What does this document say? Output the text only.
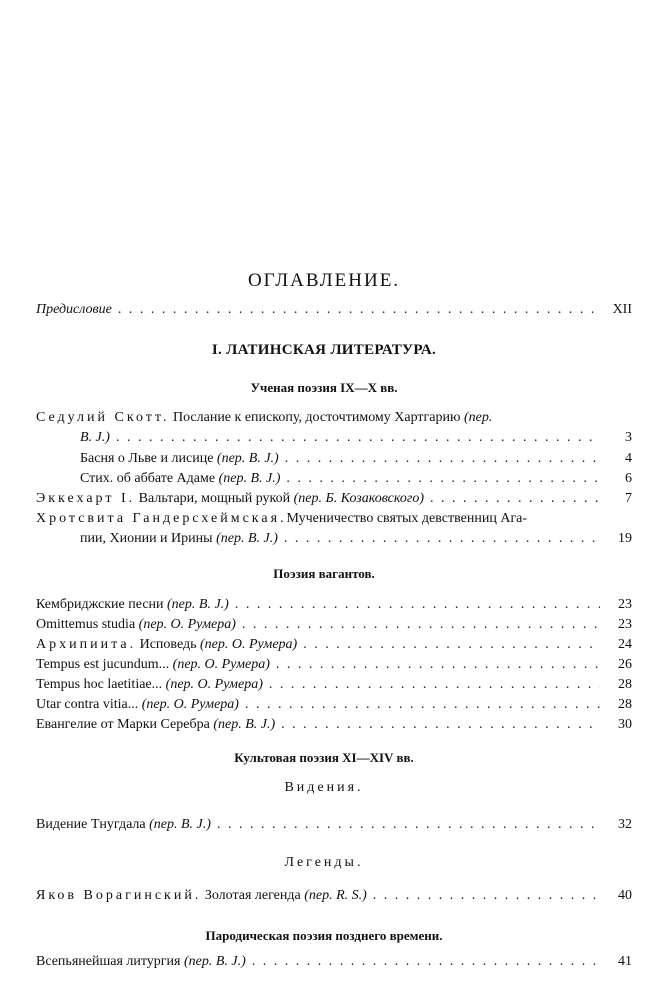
ОГЛАВЛЕНИЕ.
Предисловие . . .	XII
I. ЛАТИНСКАЯ ЛИТЕРАТУРА.
Ученая поэзия IX—X вв.
Седулий Скотт. Послание к епископу, досточтимому Хартгарию (пер.
В. J.) . . .	3
Басня о Льве и лисице (пер. В. J.) . . .	4
Стих. об аббате Адаме (пер. В. J.) . . .	6
Эккехарт I. Вальтари, мощный рукой (пер. Б. Козаковского) . . .	7
Хротсвита Гандерсхеймская.Мученичество святых девственниц Ага-
пии, Хионии и Ирины (пер. В. J.) . . .	19
Поэзия вагантов.
Кембриджские песни (пер. В. J.) . . .	23
Omittemus studia (пер. О. Румера) . . .	23
Архипиита. Исповедь (пер. О. Румера) . . .	24
Tempus est jucundum... (пер. О. Румера) . . .	26
Tempus hoc laetitiae... (пер. О. Румера) . . .	28
Utar contra vitia... (пер. О. Румера) . . .	28
Евангелие от Марки Серебра (пер. В. J.) . . .	30
Культовая поэзия XI—XIV вв.
Видения.
Видение Тнугдала (пер. В. J.) . . .	32
Легенды.
Яков Ворагинский. Золотая легенда (пер. R. S.) . . .	40
Пародическая поэзия позднего времени.
Всепьянейшая литургия (пер. В. J.) . . .	41
